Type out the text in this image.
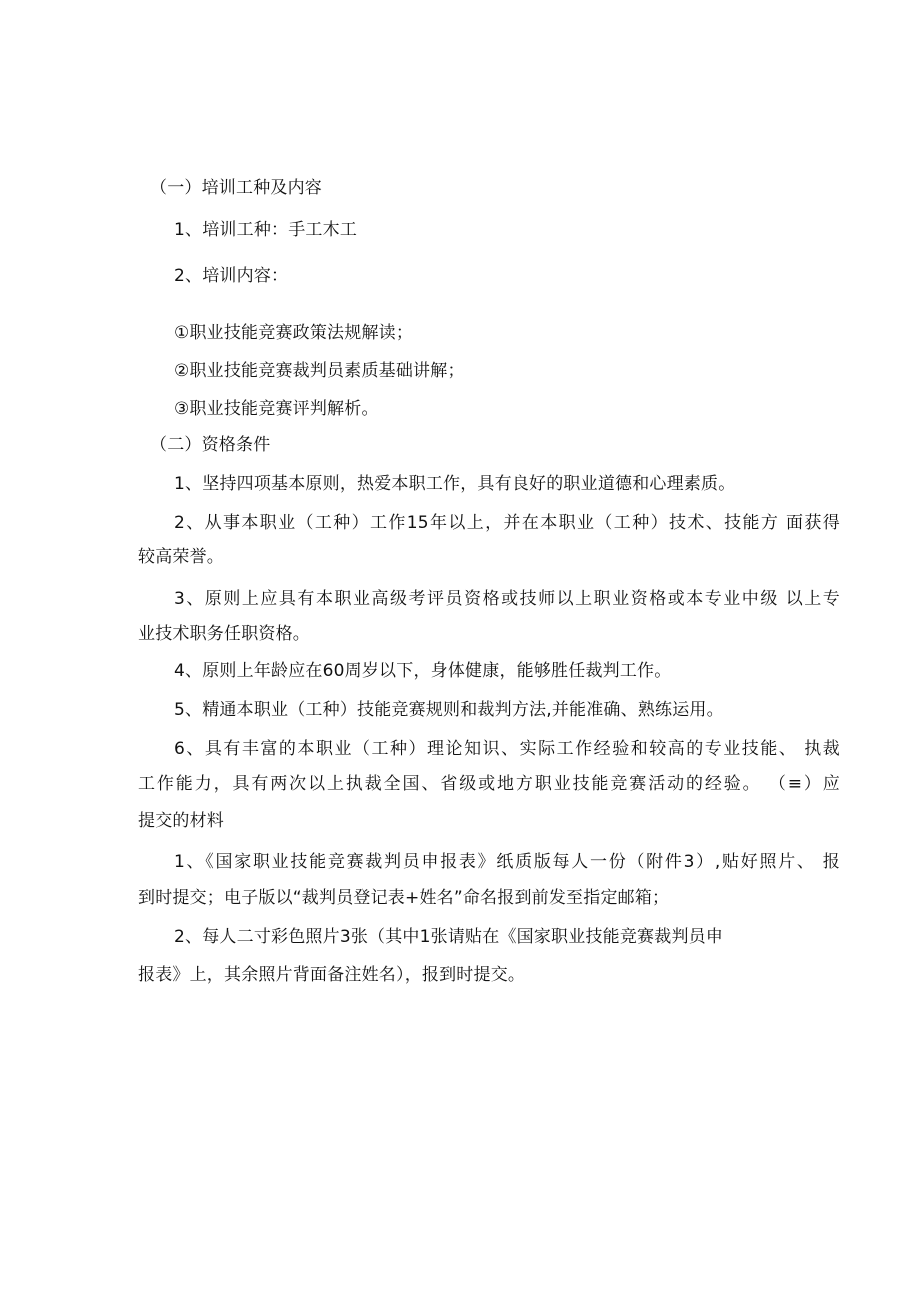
（一）培训工种及内容
1、培训工种：手工木工
2、培训内容：
①职业技能竞赛政策法规解读；
②职业技能竞赛裁判员素质基础讲解；
③职业技能竞赛评判解析。
（二）资格条件
1、坚持四项基本原则，热爱本职工作，具有良好的职业道德和心理素质。
2、从事本职业（工种）工作15年以上，并在本职业（工种）技术、技能方 面获得
较高荣誉。
3、原则上应具有本职业高级考评员资格或技师以上职业资格或本专业中级 以上专
业技术职务任职资格。
4、原则上年龄应在60周岁以下，身体健康，能够胜任裁判工作。
5、精通本职业（工种）技能竞赛规则和裁判方法,并能准确、熟练运用。
6、具有丰富的本职业（工种）理论知识、实际工作经验和较高的专业技能、 执裁
工作能力，具有两次以上执裁全国、省级或地方职业技能竞赛活动的经验。 （≡）应
提交的材料
1、《国家职业技能竞赛裁判员申报表》纸质版每人一份（附件3）,贴好照片、 报
到时提交；电子版以“裁判员登记表+姓名”命名报到前发至指定邮箱；
2、每人二寸彩色照片3张（其中1张请贴在《国家职业技能竞赛裁判员申
报表》上，其余照片背面备注姓名），报到时提交。
